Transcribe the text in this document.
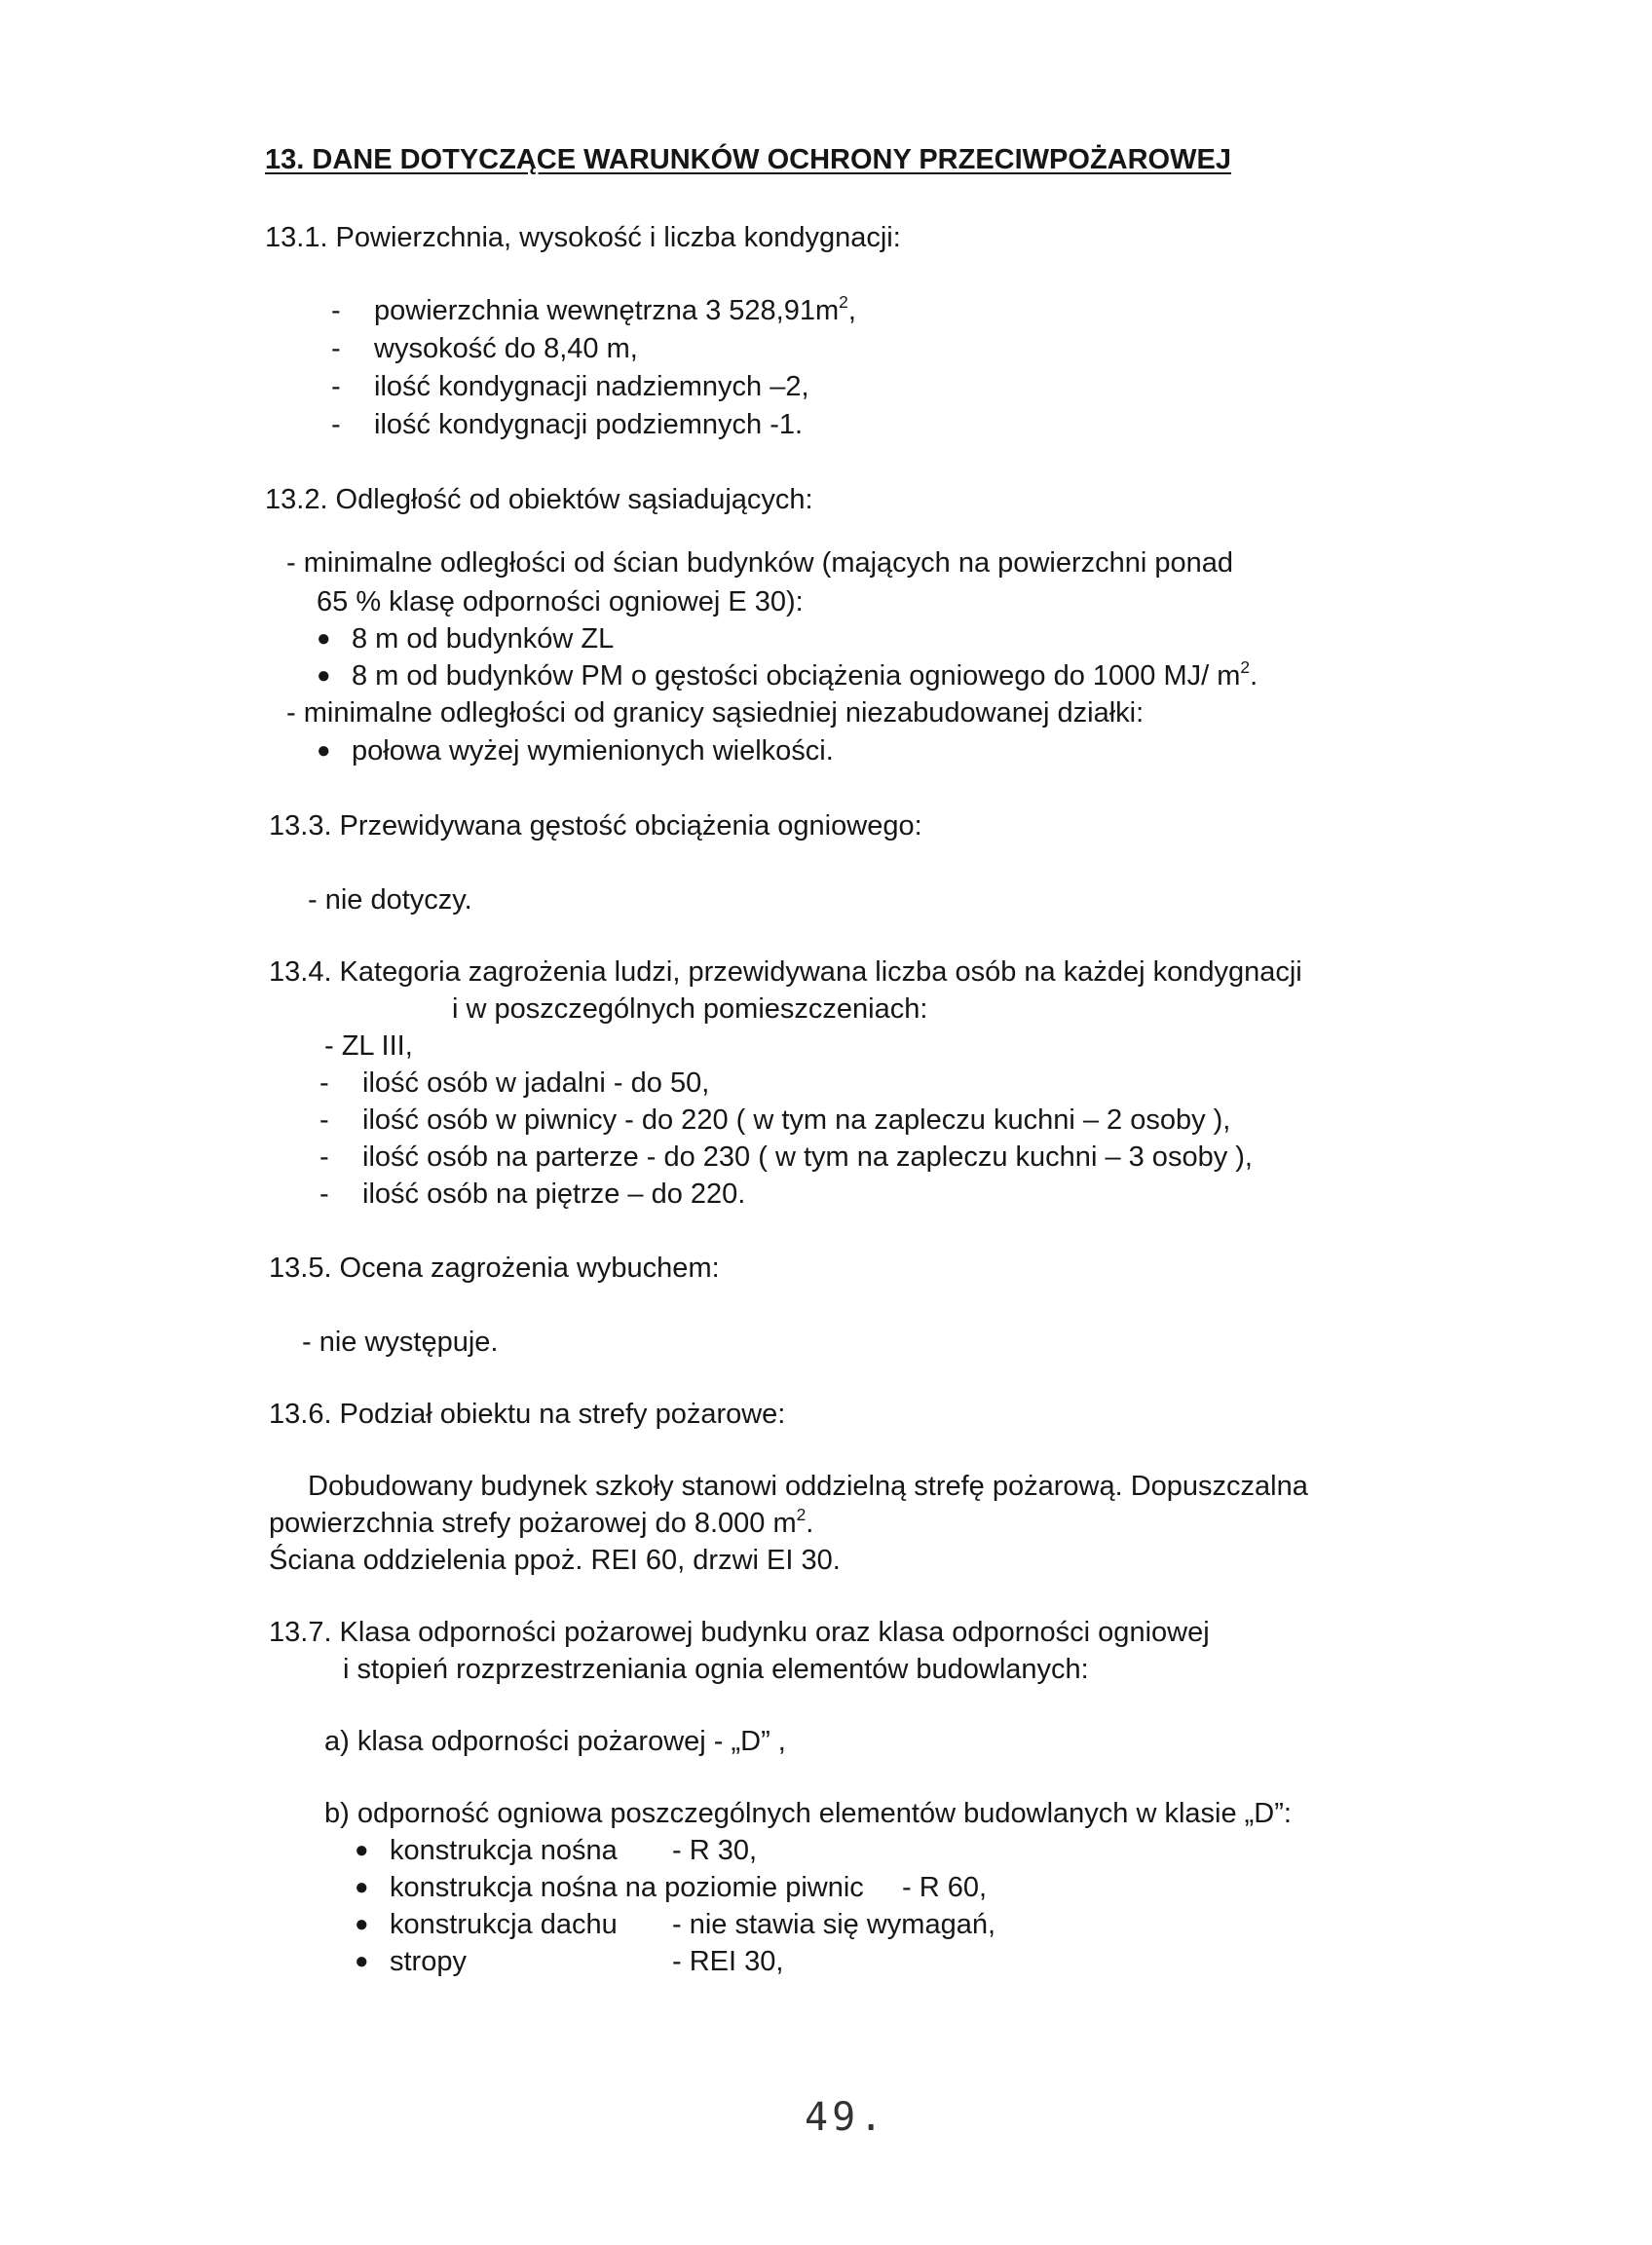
13. DANE DOTYCZĄCE WARUNKÓW OCHRONY PRZECIWPOŻAROWEJ
13.1. Powierzchnia, wysokość i liczba kondygnacji:
- powierzchnia wewnętrzna 3 $528,91m^2$,
- wysokość do 8,40 m,
- ilość kondygnacji nadziemnych –2,
- ilość kondygnacji podziemnych -1.
13.2. Odległość od obiektów sąsiadujących:
- minimalne odległości od ścian budynków (mających na powierzchni ponad
65 % klasę odporności ogniowej E 30):
● 8 m od budynków ZL
● 8 m od budynków PM o gęstości obciążenia ogniowego do 1000 MJ/ $m^2$.
- minimalne odległości od granicy sąsiedniej niezabudowanej działki:
● połowa wyżej wymienionych wielkości.
13.3. Przewidywana gęstość obciążenia ogniowego:
- nie dotyczy.
13.4. Kategoria zagrożenia ludzi, przewidywana liczba osób na każdej kondygnacji
i w poszczególnych pomieszczeniach:
- ZL III,
- ilość osób w jadalni - do 50,
- ilość osób w piwnicy - do 220 ( w tym na zapleczu kuchni – 2 osoby ),
- ilość osób na parterze - do 230 ( w tym na zapleczu kuchni – 3 osoby ),
- ilość osób na piętrze – do 220.
13.5. Ocena zagrożenia wybuchem:
- nie występuje.
13.6. Podział obiektu na strefy pożarowe:
Dobudowany budynek szkoły stanowi oddzielną strefę pożarową. Dopuszczalna
powierzchnia strefy pożarowej do 8.000 $m^2$.
Ściana oddzielenia ppoż. REI 60, drzwi EI 30.
13.7. Klasa odporności pożarowej budynku oraz klasa odporności ogniowej
i stopień rozprzestrzeniania ognia elementów budowlanych:
a) klasa odporności pożarowej - „D” ,
b) odporność ogniowa poszczególnych elementów budowlanych w klasie „D”:
● konstrukcja nośna - R 30,
● konstrukcja nośna na poziomie piwnic - R 60,
● konstrukcja dachu - nie stawia się wymagań,
● stropy	- REI 30,
49.
